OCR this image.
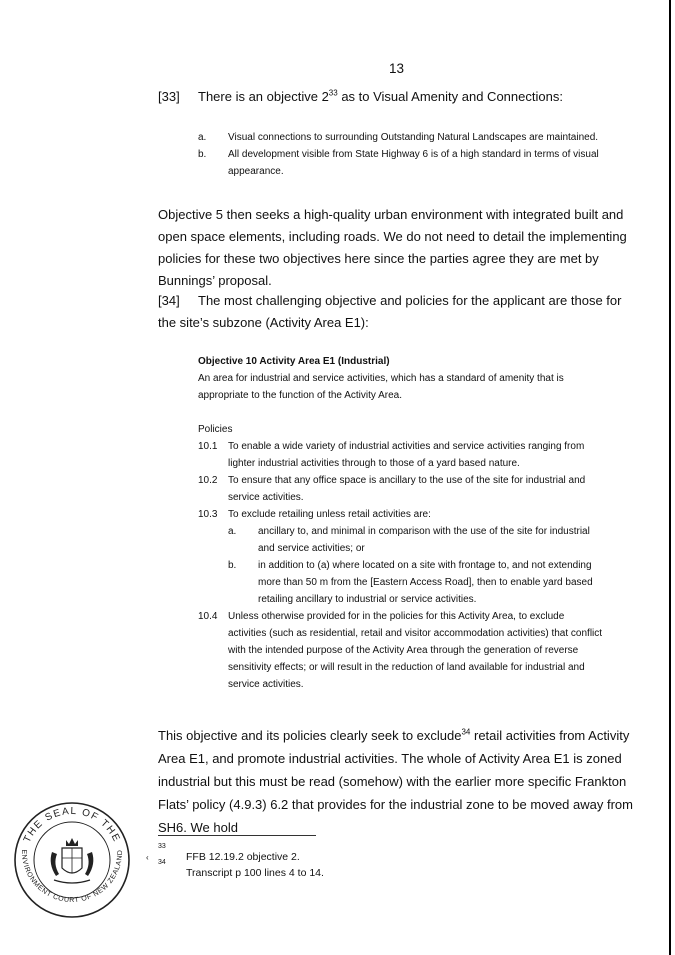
13
[33] There is an objective $2^{33}$ as to Visual Amenity and Connections:
a. Visual connections to surrounding Outstanding Natural Landscapes are maintained.
b. All development visible from State Highway 6 is of a high standard in terms of visual appearance.
Objective 5 then seeks a high-quality urban environment with integrated built and open space elements, including roads. We do not need to detail the implementing policies for these two objectives here since the parties agree they are met by Bunnings’ proposal.
[34] The most challenging objective and policies for the applicant are those for the site’s subzone (Activity Area E1):
Objective 10 Activity Area E1 (Industrial)
An area for industrial and service activities, which has a standard of amenity that is appropriate to the function of the Activity Area.
Policies
10.1 To enable a wide variety of industrial activities and service activities ranging from lighter industrial activities through to those of a yard based nature.
10.2 To ensure that any office space is ancillary to the use of the site for industrial and service activities.
10.3 To exclude retailing unless retail activities are:
a. ancillary to, and minimal in comparison with the use of the site for industrial and service activities; or
b. in addition to (a) where located on a site with frontage to, and not extending more than 50 m from the [Eastern Access Road], then to enable yard based retailing ancillary to industrial or service activities.
10.4 Unless otherwise provided for in the policies for this Activity Area, to exclude activities (such as residential, retail and visitor accommodation activities) that conflict with the intended purpose of the Activity Area through the generation of reverse sensitivity effects; or will result in the reduction of land available for industrial and service activities.
This objective and its policies clearly seek to exclude$^{34}$ retail activities from Activity Area E1, and promote industrial activities. The whole of Activity Area E1 is zoned industrial but this must be read (somehow) with the earlier more specific Frankton Flats’ policy (4.9.3) 6.2 that provides for the industrial zone to be moved away from SH6. We hold
‹
33
FFB 12.19.2 objective 2.
34
Transcript p 100 lines 4 to 14.
THE SEAL OF THE
ENVIRONMENT COURT OF NEW ZEALAND
